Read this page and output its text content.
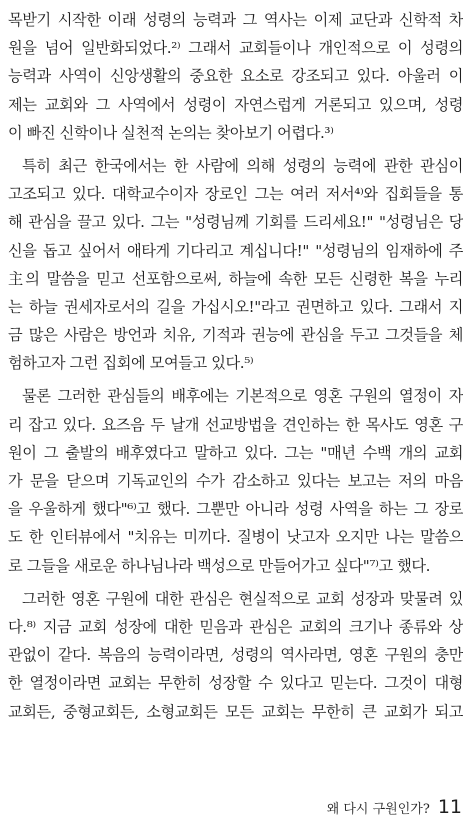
목받기 시작한 이래 성령의 능력과 그 역사는 이제 교단과 신학적 차
원을 넘어 일반화되었다.²⁾ 그래서 교회들이나 개인적으로 이 성령의
능력과 사역이 신앙생활의 중요한 요소로 강조되고 있다. 아울러 이
제는 교회와 그 사역에서 성령이 자연스럽게 거론되고 있으며, 성령
이 빠진 신학이나 실천적 논의는 찾아보기 어렵다.³⁾
특히 최근 한국에서는 한 사람에 의해 성령의 능력에 관한 관심이
고조되고 있다. 대학교수이자 장로인 그는 여러 저서⁴⁾와 집회들을 통
해 관심을 끌고 있다. 그는 "성령님께 기회를 드리세요!" "성령님은 당
신을 돕고 싶어서 애타게 기다리고 계십니다!" "성령님의 임재하에 주
主의 말씀을 믿고 선포함으로써, 하늘에 속한 모든 신령한 복을 누리
는 하늘 권세자로서의 길을 가십시오!"라고 권면하고 있다. 그래서 지
금 많은 사람은 방언과 치유, 기적과 권능에 관심을 두고 그것들을 체
험하고자 그런 집회에 모여들고 있다.⁵⁾
물론 그러한 관심들의 배후에는 기본적으로 영혼 구원의 열정이 자
리 잡고 있다. 요즈음 두 날개 선교방법을 견인하는 한 목사도 영혼 구
원이 그 출발의 배후였다고 말하고 있다. 그는 "매년 수백 개의 교회
가 문을 닫으며 기독교인의 수가 감소하고 있다는 보고는 저의 마음
을 우울하게 했다"⁶⁾고 했다. 그뿐만 아니라 성령 사역을 하는 그 장로
도 한 인터뷰에서 "치유는 미끼다. 질병이 낫고자 오지만 나는 말씀으
로 그들을 새로운 하나님나라 백성으로 만들어가고 싶다"⁷⁾고 했다.
그러한 영혼 구원에 대한 관심은 현실적으로 교회 성장과 맞물려 있
다.⁸⁾ 지금 교회 성장에 대한 믿음과 관심은 교회의 크기나 종류와 상
관없이 같다. 복음의 능력이라면, 성령의 역사라면, 영혼 구원의 충만
한 열정이라면 교회는 무한히 성장할 수 있다고 믿는다. 그것이 대형
교회든, 중형교회든, 소형교회든 모든 교회는 무한히 큰 교회가 되고
왜 다시 구원인가? 11
